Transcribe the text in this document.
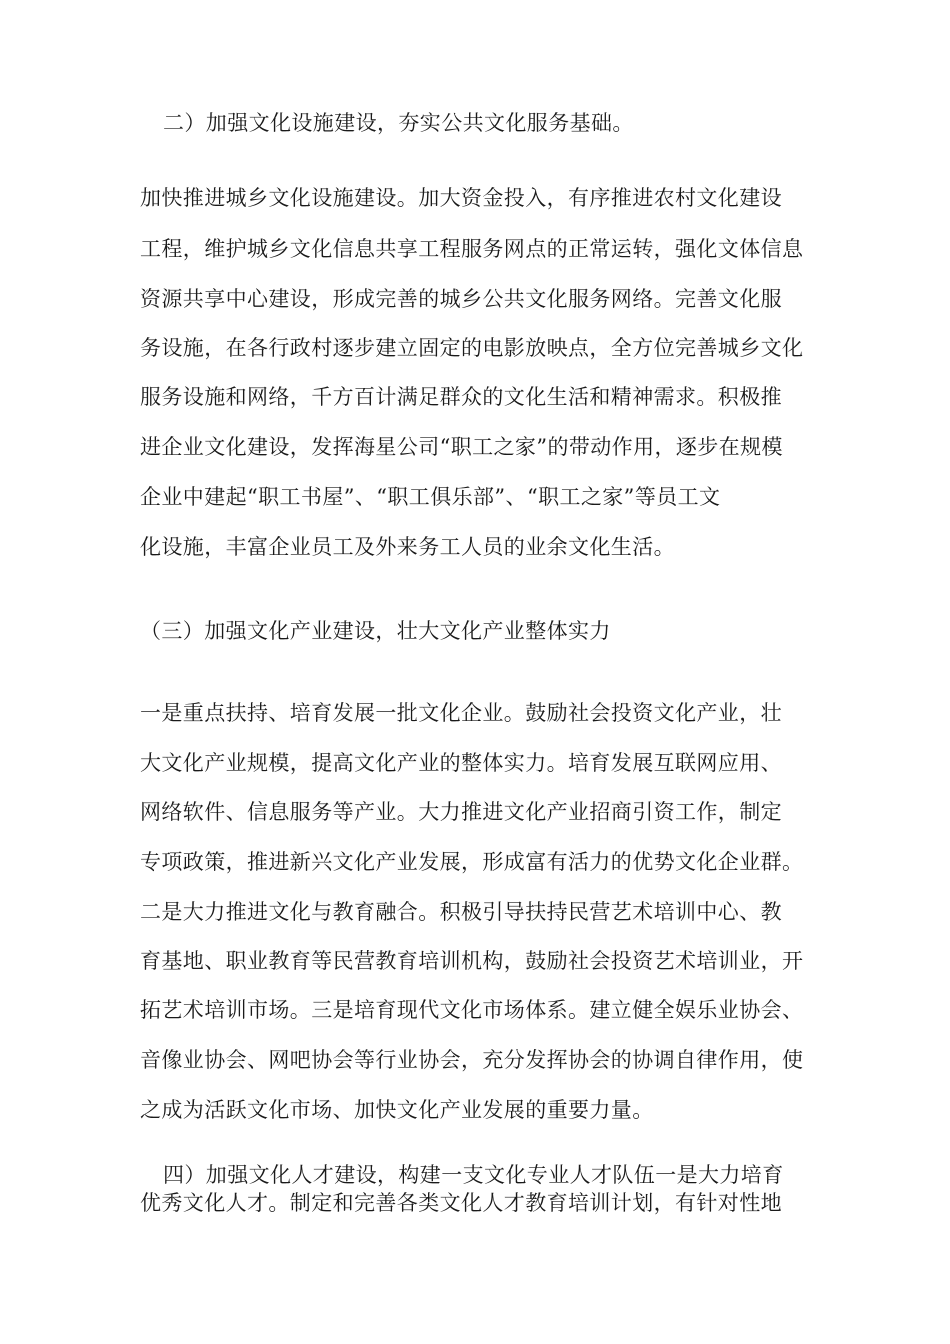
二）加强文化设施建设，夯实公共文化服务基础。
加快推进城乡文化设施建设。加大资金投入，有序推进农村文化建设
工程，维护城乡文化信息共享工程服务网点的正常运转，强化文体信息
资源共享中心建设，形成完善的城乡公共文化服务网络。完善文化服
务设施，在各行政村逐步建立固定的电影放映点，全方位完善城乡文化
服务设施和网络，千方百计满足群众的文化生活和精神需求。积极推
进企业文化建设，发挥海星公司“职工之家”的带动作用，逐步在规模
企业中建起“职工书屋”、“职工俱乐部”、“职工之家”等员工文
化设施，丰富企业员工及外来务工人员的业余文化生活。
（三）加强文化产业建设，壮大文化产业整体实力
一是重点扶持、培育发展一批文化企业。鼓励社会投资文化产业，壮
大文化产业规模，提高文化产业的整体实力。培育发展互联网应用、
网络软件、信息服务等产业。大力推进文化产业招商引资工作，制定
专项政策，推进新兴文化产业发展，形成富有活力的优势文化企业群。
二是大力推进文化与教育融合。积极引导扶持民营艺术培训中心、教
育基地、职业教育等民营教育培训机构，鼓励社会投资艺术培训业，开
拓艺术培训市场。三是培育现代文化市场体系。建立健全娱乐业协会、
音像业协会、网吧协会等行业协会，充分发挥协会的协调自律作用，使
之成为活跃文化市场、加快文化产业发展的重要力量。
四）加强文化人才建设，构建一支文化专业人才队伍一是大力培育
优秀文化人才。制定和完善各类文化人才教育培训计划，有针对性地
